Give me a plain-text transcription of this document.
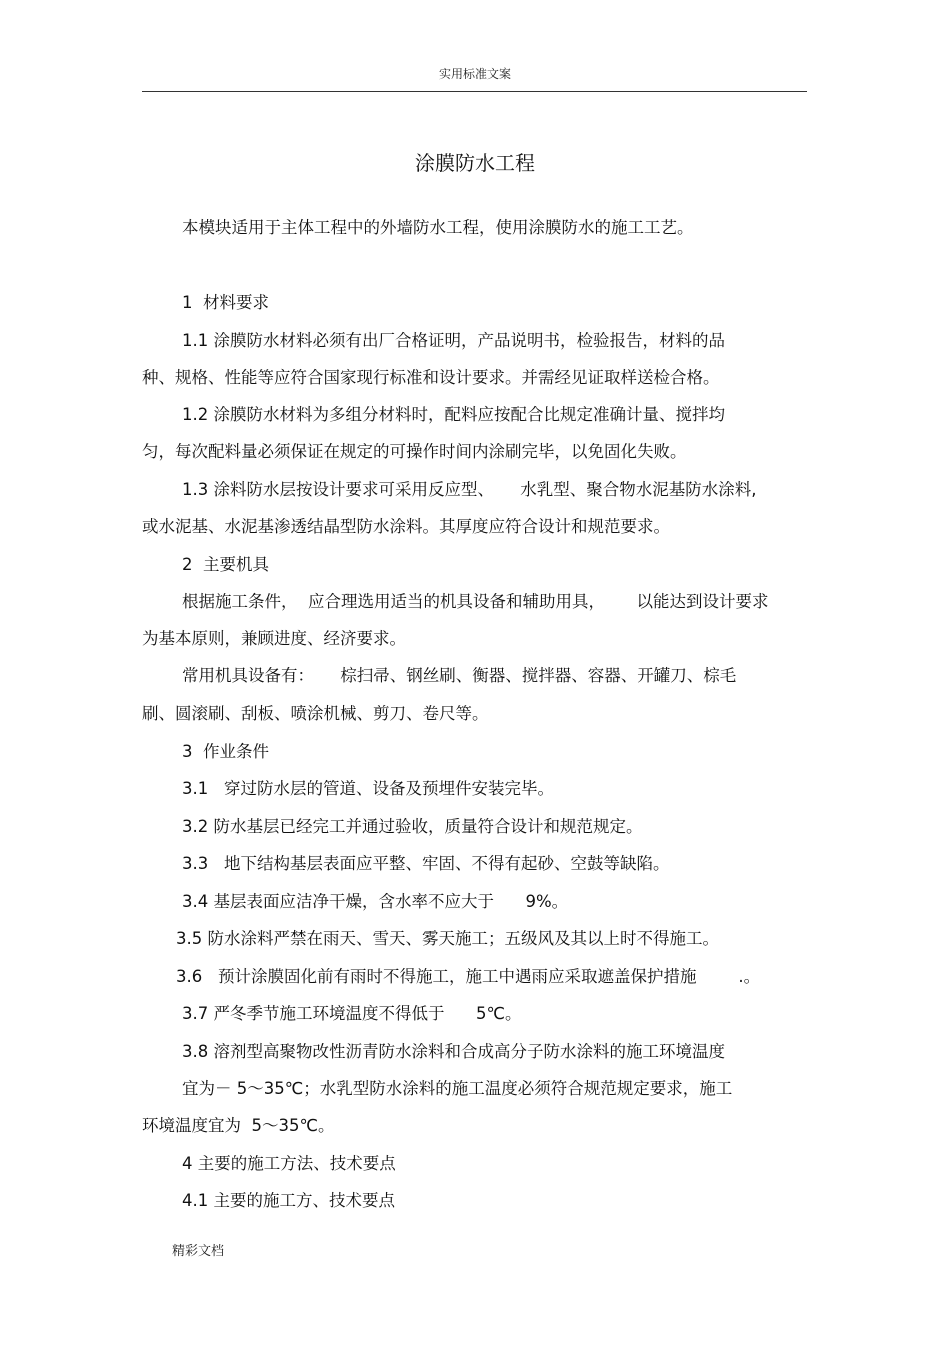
实用标准文案
涂膜防水工程
本模块适用于主体工程中的外墙防水工程，使用涂膜防水的施工工艺。
1  材料要求
1.1 涂膜防水材料必须有出厂合格证明，产品说明书，检验报告，材料的品
种、规格、性能等应符合国家现行标准和设计要求。并需经见证取样送检合格。
1.2 涂膜防水材料为多组分材料时，配料应按配合比规定准确计量、搅拌均
匀，每次配料量必须保证在规定的可操作时间内涂刷完毕，以免固化失败。
1.3 涂料防水层按设计要求可采用反应型、     水乳型、聚合物水泥基防水涂料,
或水泥基、水泥基渗透结晶型防水涂料。其厚度应符合设计和规范要求。
2  主要机具
根据施工条件，  应合理选用适当的机具设备和辅助用具，      以能达到设计要求
为基本原则，兼顾进度、经济要求。
常用机具设备有：     棕扫帚、钢丝刷、衡器、搅拌器、容器、开罐刀、棕毛
刷、圆滚刷、刮板、喷涂机械、剪刀、卷尺等。
3  作业条件
3.1   穿过防水层的管道、设备及预埋件安装完毕。
3.2 防水基层已经完工并通过验收，质量符合设计和规范规定。
3.3   地下结构基层表面应平整、牢固、不得有起砂、空鼓等缺陷。
3.4 基层表面应洁净干燥，含水率不应大于      9%。
3.5 防水涂料严禁在雨天、雪天、雾天施工；五级风及其以上时不得施工。
3.6   预计涂膜固化前有雨时不得施工，施工中遇雨应采取遮盖保护措施        .。
3.7 严冬季节施工环境温度不得低于      5℃。
3.8 溶剂型高聚物改性沥青防水涂料和合成高分子防水涂料的施工环境温度
宜为－ 5～35℃；水乳型防水涂料的施工温度必须符合规范规定要求，施工
环境温度宜为  5～35℃。
4 主要的施工方法、技术要点
4.1 主要的施工方、技术要点
精彩文档
